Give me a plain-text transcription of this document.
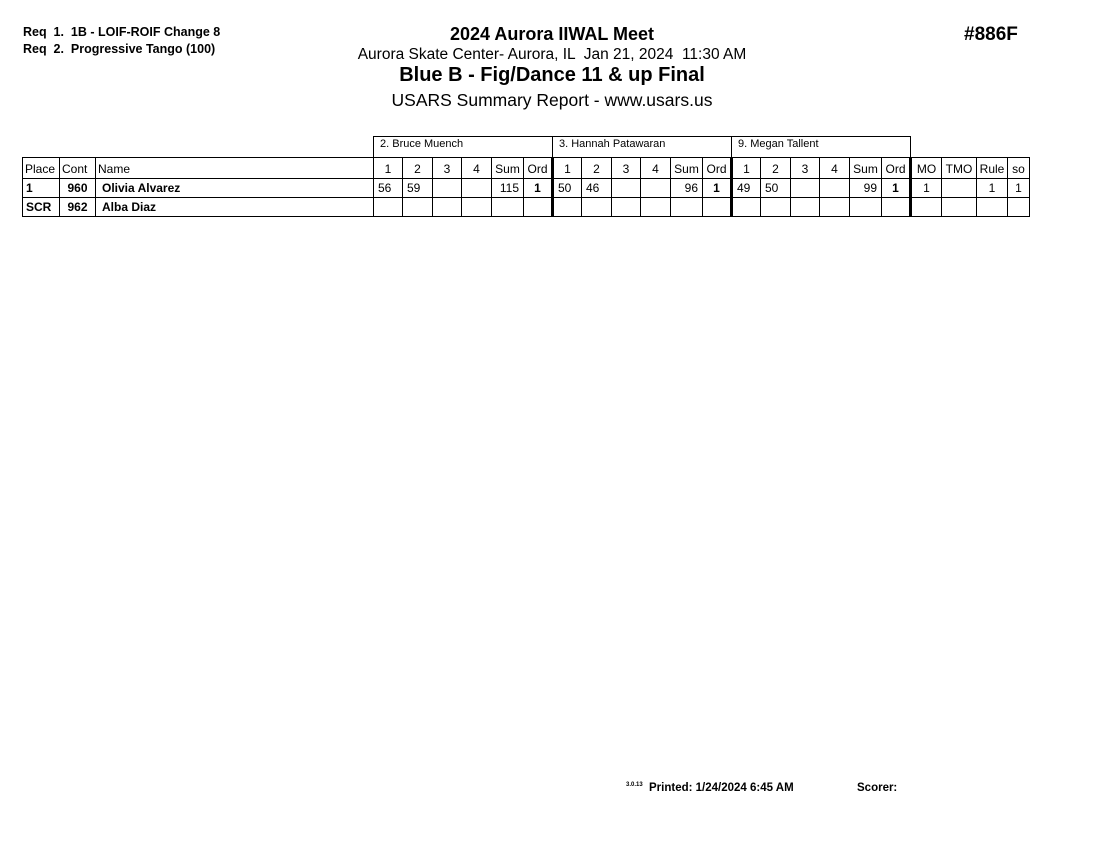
Req  1.  1B - LOIF-ROIF Change 8
Req  2.  Progressive Tango (100)
2024 Aurora IIWAL Meet
Aurora Skate Center- Aurora, IL  Jan 21, 2024  11:30 AM
Blue B - Fig/Dance 11 & up Final
USARS Summary Report - www.usars.us
#886F
			2. Bruce Muench						3. Hannah Patawaran						9. Megan Tallent									
Place	Cont	Name	1	2	3	4	Sum	Ord	1	2	3	4	Sum	Ord	1	2	3	4	Sum	Ord	MO	TMO	Rule	so
1	960	Olivia Alvarez	56	59			115	1	50	46			96	1	49	50			99	1	1		1	1
SCR	962	Alba Diaz																						
3.0.13 Printed: 1/24/2024 6:45 AM	Scorer:
